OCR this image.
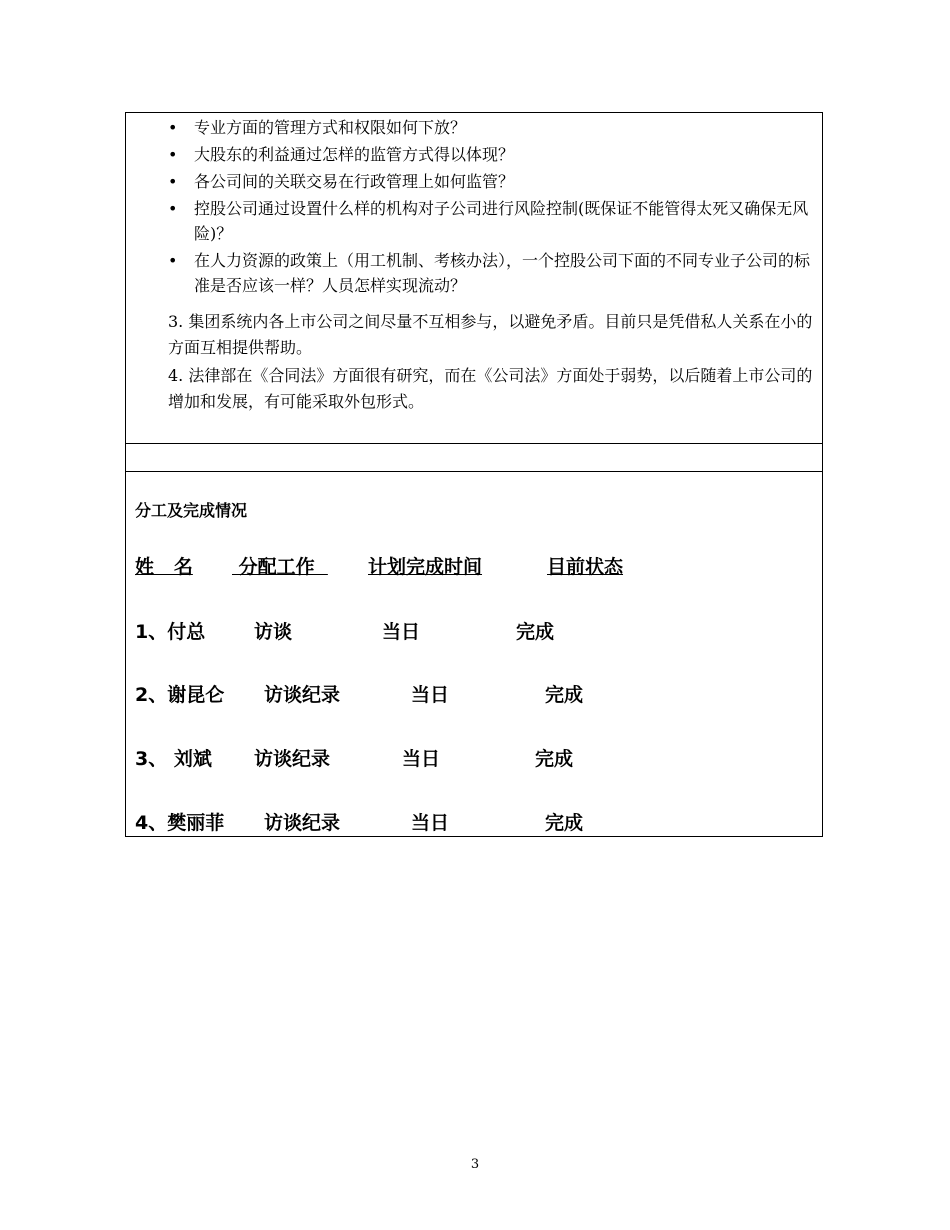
• 专业方面的管理方式和权限如何下放？
• 大股东的利益通过怎样的监管方式得以体现？
• 各公司间的关联交易在行政管理上如何监管？
• 控股公司通过设置什么样的机构对子公司进行风险控制(既保证不能管得太死又确保无风险)？
• 在人力资源的政策上（用工机制、考核办法），一个控股公司下面的不同专业子公司的标准是否应该一样？人员怎样实现流动？
3. 集团系统内各上市公司之间尽量不互相参与，以避免矛盾。目前只是凭借私人关系在小的方面互相提供帮助。
4. 法律部在《合同法》方面很有研究，而在《公司法》方面处于弱势，以后随着上市公司的增加和发展，有可能采取外包形式。
分工及完成情况
姓   名 分配工作 计划完成时间	目前状态
1、付总	访谈	当日	完成
2、谢昆仑 访谈纪录	当日	完成
3、 刘斌 访谈纪录	当日	完成
4、樊丽菲 访谈纪录	当日	完成
3
